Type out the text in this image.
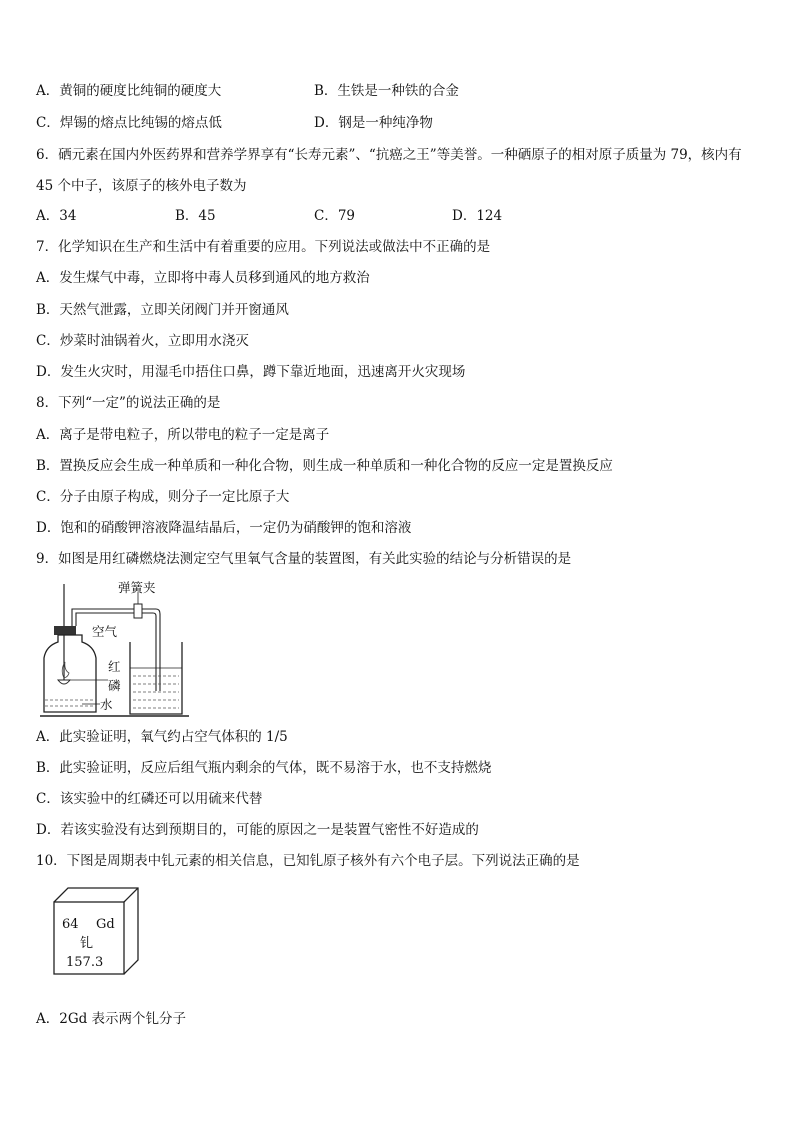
A．黄铜的硬度比纯铜的硬度大	B．生铁是一种铁的合金
C．焊锡的熔点比纯锡的熔点低	D．钢是一种纯净物
6．硒元素在国内外医药界和营养学界享有“长寿元素”、“抗癌之王”等美誉。一种硒原子的相对原子质量为 79，核内有
45 个中子，该原子的核外电子数为
A．34	B．45	C．79	D．124
7．化学知识在生产和生活中有着重要的应用。下列说法或做法中不正确的是
A．发生煤气中毒，立即将中毒人员移到通风的地方救治
B．天然气泄露，立即关闭阀门并开窗通风
C．炒菜时油锅着火，立即用水浇灭
D．发生火灾时，用湿毛巾捂住口鼻，蹲下靠近地面，迅速离开火灾现场
8．下列“一定”的说法正确的是
A．离子是带电粒子，所以带电的粒子一定是离子
B．置换反应会生成一种单质和一种化合物，则生成一种单质和一种化合物的反应一定是置换反应
C．分子由原子构成，则分子一定比原子大
D．饱和的硝酸钾溶液降温结晶后，一定仍为硝酸钾的饱和溶液
9．如图是用红磷燃烧法测定空气里氧气含量的装置图，有关此实验的结论与分析错误的是
弹簧夹
空气
红
磷
水
A．此实验证明，氧气约占空气体积的 1/5
B．此实验证明，反应后组气瓶内剩余的气体，既不易溶于水，也不支持燃烧
C．该实验中的红磷还可以用硫来代替
D．若该实验没有达到预期目的，可能的原因之一是装置气密性不好造成的
10．下图是周期表中钆元素的相关信息，已知钆原子核外有六个电子层。下列说法正确的是
64 Gd
钆
157.3
A．2Gd 表示两个钆分子
